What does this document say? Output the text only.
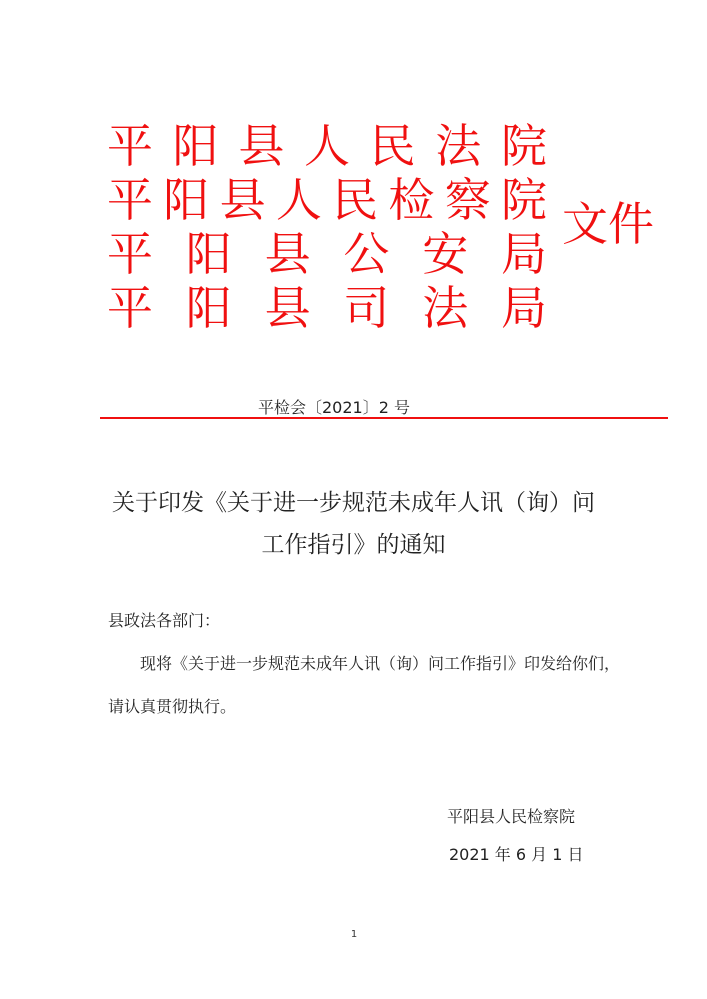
平 阳 县 人 民 法 院
平 阳 县 人 民 检 察 院
平 阳 县 公 安 局
平 阳 县 司 法 局
文件
平检会〔2021〕2 号
关于印发《关于进一步规范未成年人讯（询）问
工作指引》的通知
县政法各部门：
现将《关于进一步规范未成年人讯（询）问工作指引》印发给你们，
请认真贯彻执行。
平阳县人民检察院
2021 年 6 月 1 日
1
